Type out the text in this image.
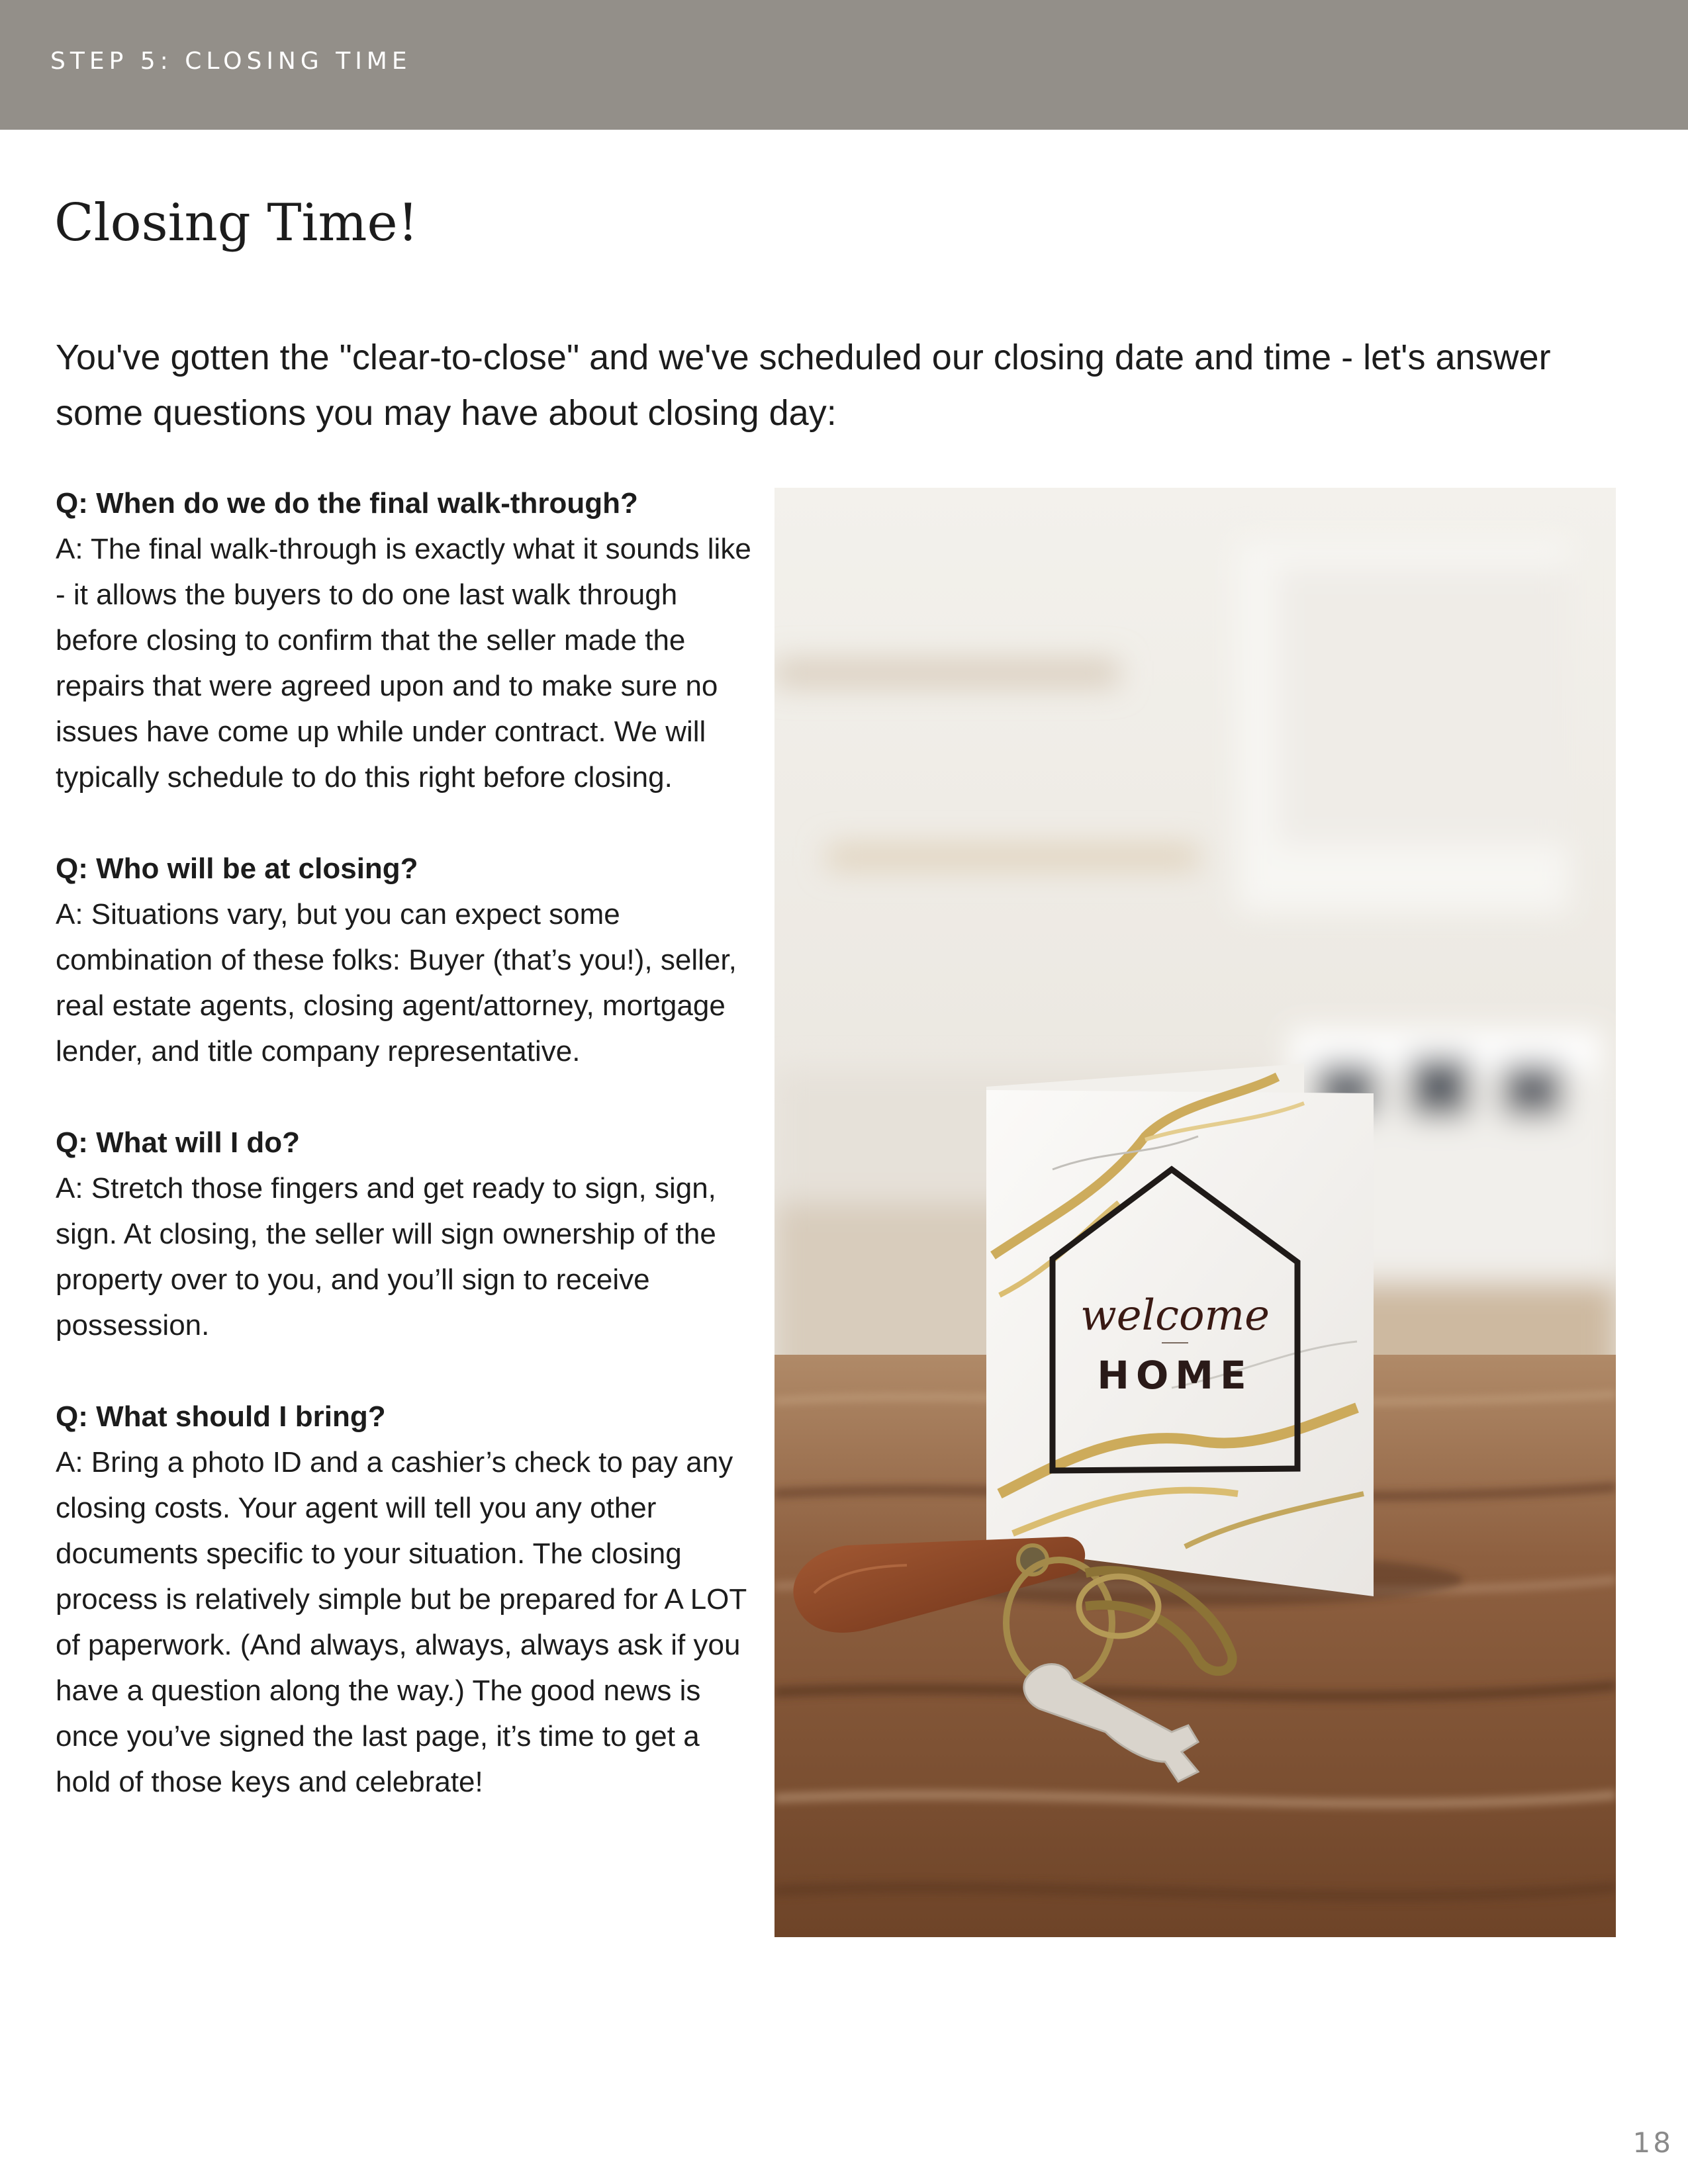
STEP 5: CLOSING TIME
Closing Time!

You've gotten the "clear-to-close" and we've scheduled our closing date and time - let's answer some questions you may have about closing day:

Q: When do we do the final walk-through?
A: The final walk-through is exactly what it sounds like - it allows the buyers to do one last walk through before closing to confirm that the seller made the repairs that were agreed upon and to make sure no issues have come up while under contract. We will typically schedule to do this right before closing.

Q: Who will be at closing?
A: Situations vary, but you can expect some combination of these folks: Buyer (that’s you!), seller, real estate agents, closing agent/attorney, mortgage lender, and title company representative.

Q: What will I do?
A: Stretch those fingers and get ready to sign, sign, sign. At closing, the seller will sign ownership of the property over to you, and you’ll sign to receive possession.

Q: What should I bring?
A: Bring a photo ID and a cashier’s check to pay any closing costs. Your agent will tell you any other documents specific to your situation. The closing process is relatively simple but be prepared for A LOT of paperwork. (And always, always, always ask if you have a question along the way.) The good news is once you’ve signed the last page, it’s time to get a hold of those keys and celebrate!

welcome
HOME
18
